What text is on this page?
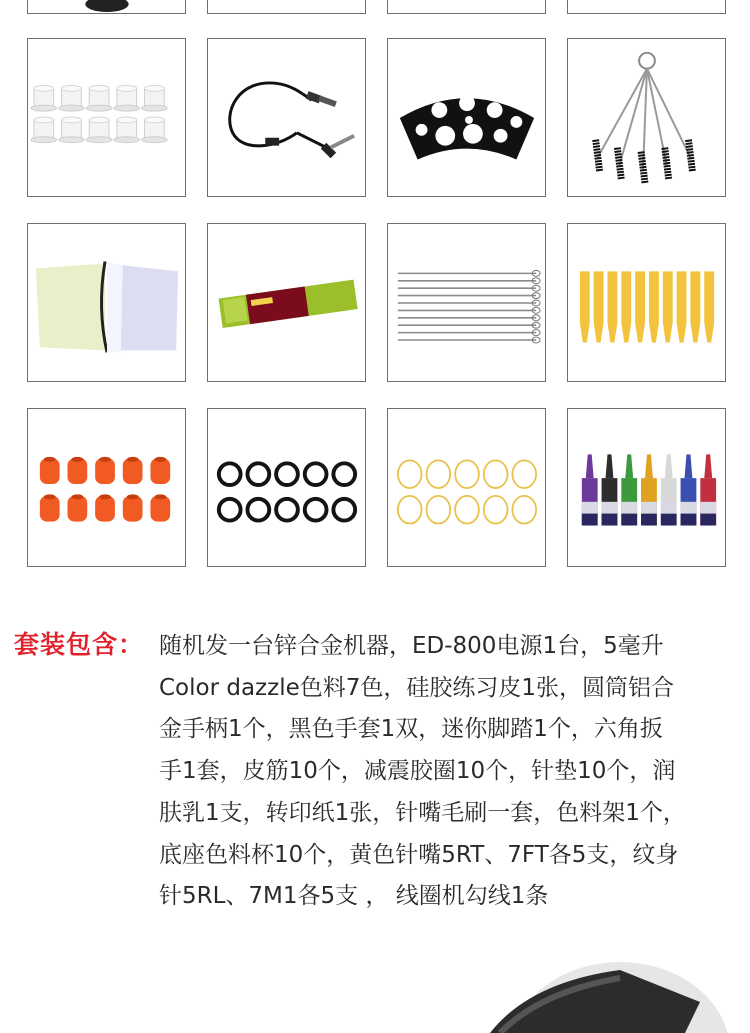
套装包含： 随机发一台锌合金机器，ED-800电源1台，5毫升

Color dazzle色料7色，硅胶练习皮1张，圆筒铝合

金手柄1个，黑色手套1双，迷你脚踏1个，六角扳

手1套，皮筋10个，减震胶圈10个，针垫10个，润

肤乳1支，转印纸1张，针嘴毛刷一套，色料架1个，

底座色料杯10个，黄色针嘴5RT、7FT各5支，纹身

针5RL、7M1各5支 ， 线圈机勾线1条
